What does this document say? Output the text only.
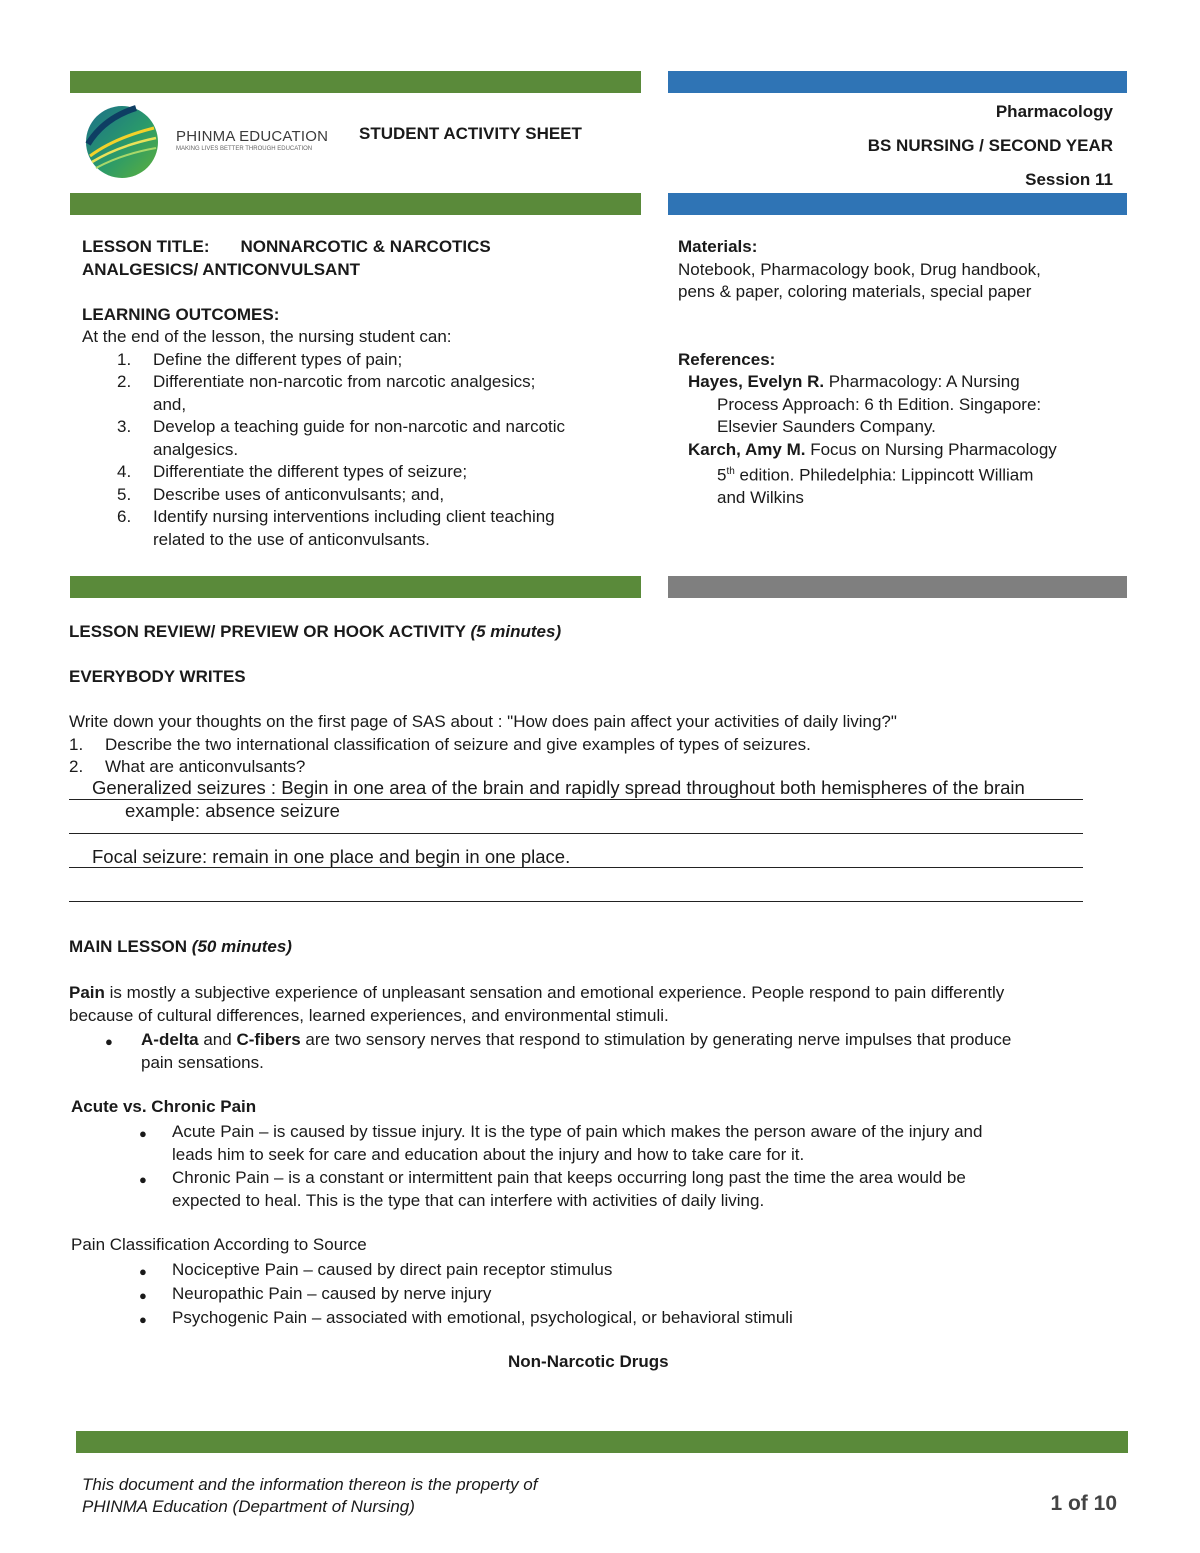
PHINMA EDUCATION
MAKING LIVES BETTER THROUGH EDUCATION
STUDENT ACTIVITY SHEET
Pharmacology
BS NURSING / SECOND YEAR
Session 11
LESSON TITLE: NONNARCOTIC & NARCOTICS
ANALGESICS/ ANTICONVULSANT
LEARNING OUTCOMES:
At the end of the lesson, the nursing student can:
1. Define the different types of pain;
2. Differentiate non-narcotic from narcotic analgesics;
and,
3. Develop a teaching guide for non-narcotic and narcotic
analgesics.
4. Differentiate the different types of seizure;
5. Describe uses of anticonvulsants; and,
6. Identify nursing interventions including client teaching
related to the use of anticonvulsants.
Materials:
Notebook, Pharmacology book, Drug handbook,
pens & paper, coloring materials, special paper
References:
Hayes, Evelyn R. Pharmacology: A Nursing
Process Approach: 6 th Edition. Singapore:
Elsevier Saunders Company.
Karch, Amy M. Focus on Nursing Pharmacology
5th edition. Philedelphia: Lippincott William
and Wilkins
LESSON REVIEW/ PREVIEW OR HOOK ACTIVITY (5 minutes)
EVERYBODY WRITES
Write down your thoughts on the first page of SAS about : "How does pain affect your activities of daily living?"
1. Describe the two international classification of seizure and give examples of types of seizures.
2. What are anticonvulsants?
Generalized seizures : Begin in one area of the brain and rapidly spread throughout both hemispheres of the brain
example: absence seizure
Focal seizure: remain in one place and begin in one place.
MAIN LESSON (50 minutes)
Pain is mostly a subjective experience of unpleasant sensation and emotional experience. People respond to pain differently
because of cultural differences, learned experiences, and environmental stimuli.
● A-delta and C-fibers are two sensory nerves that respond to stimulation by generating nerve impulses that produce
pain sensations.
Acute vs. Chronic Pain
● Acute Pain – is caused by tissue injury. It is the type of pain which makes the person aware of the injury and
leads him to seek for care and education about the injury and how to take care for it.
● Chronic Pain – is a constant or intermittent pain that keeps occurring long past the time the area would be
expected to heal. This is the type that can interfere with activities of daily living.
Pain Classification According to Source
● Nociceptive Pain – caused by direct pain receptor stimulus
● Neuropathic Pain – caused by nerve injury
● Psychogenic Pain – associated with emotional, psychological, or behavioral stimuli
Non-Narcotic Drugs
This document and the information thereon is the property of
PHINMA Education (Department of Nursing)	1 of 10
